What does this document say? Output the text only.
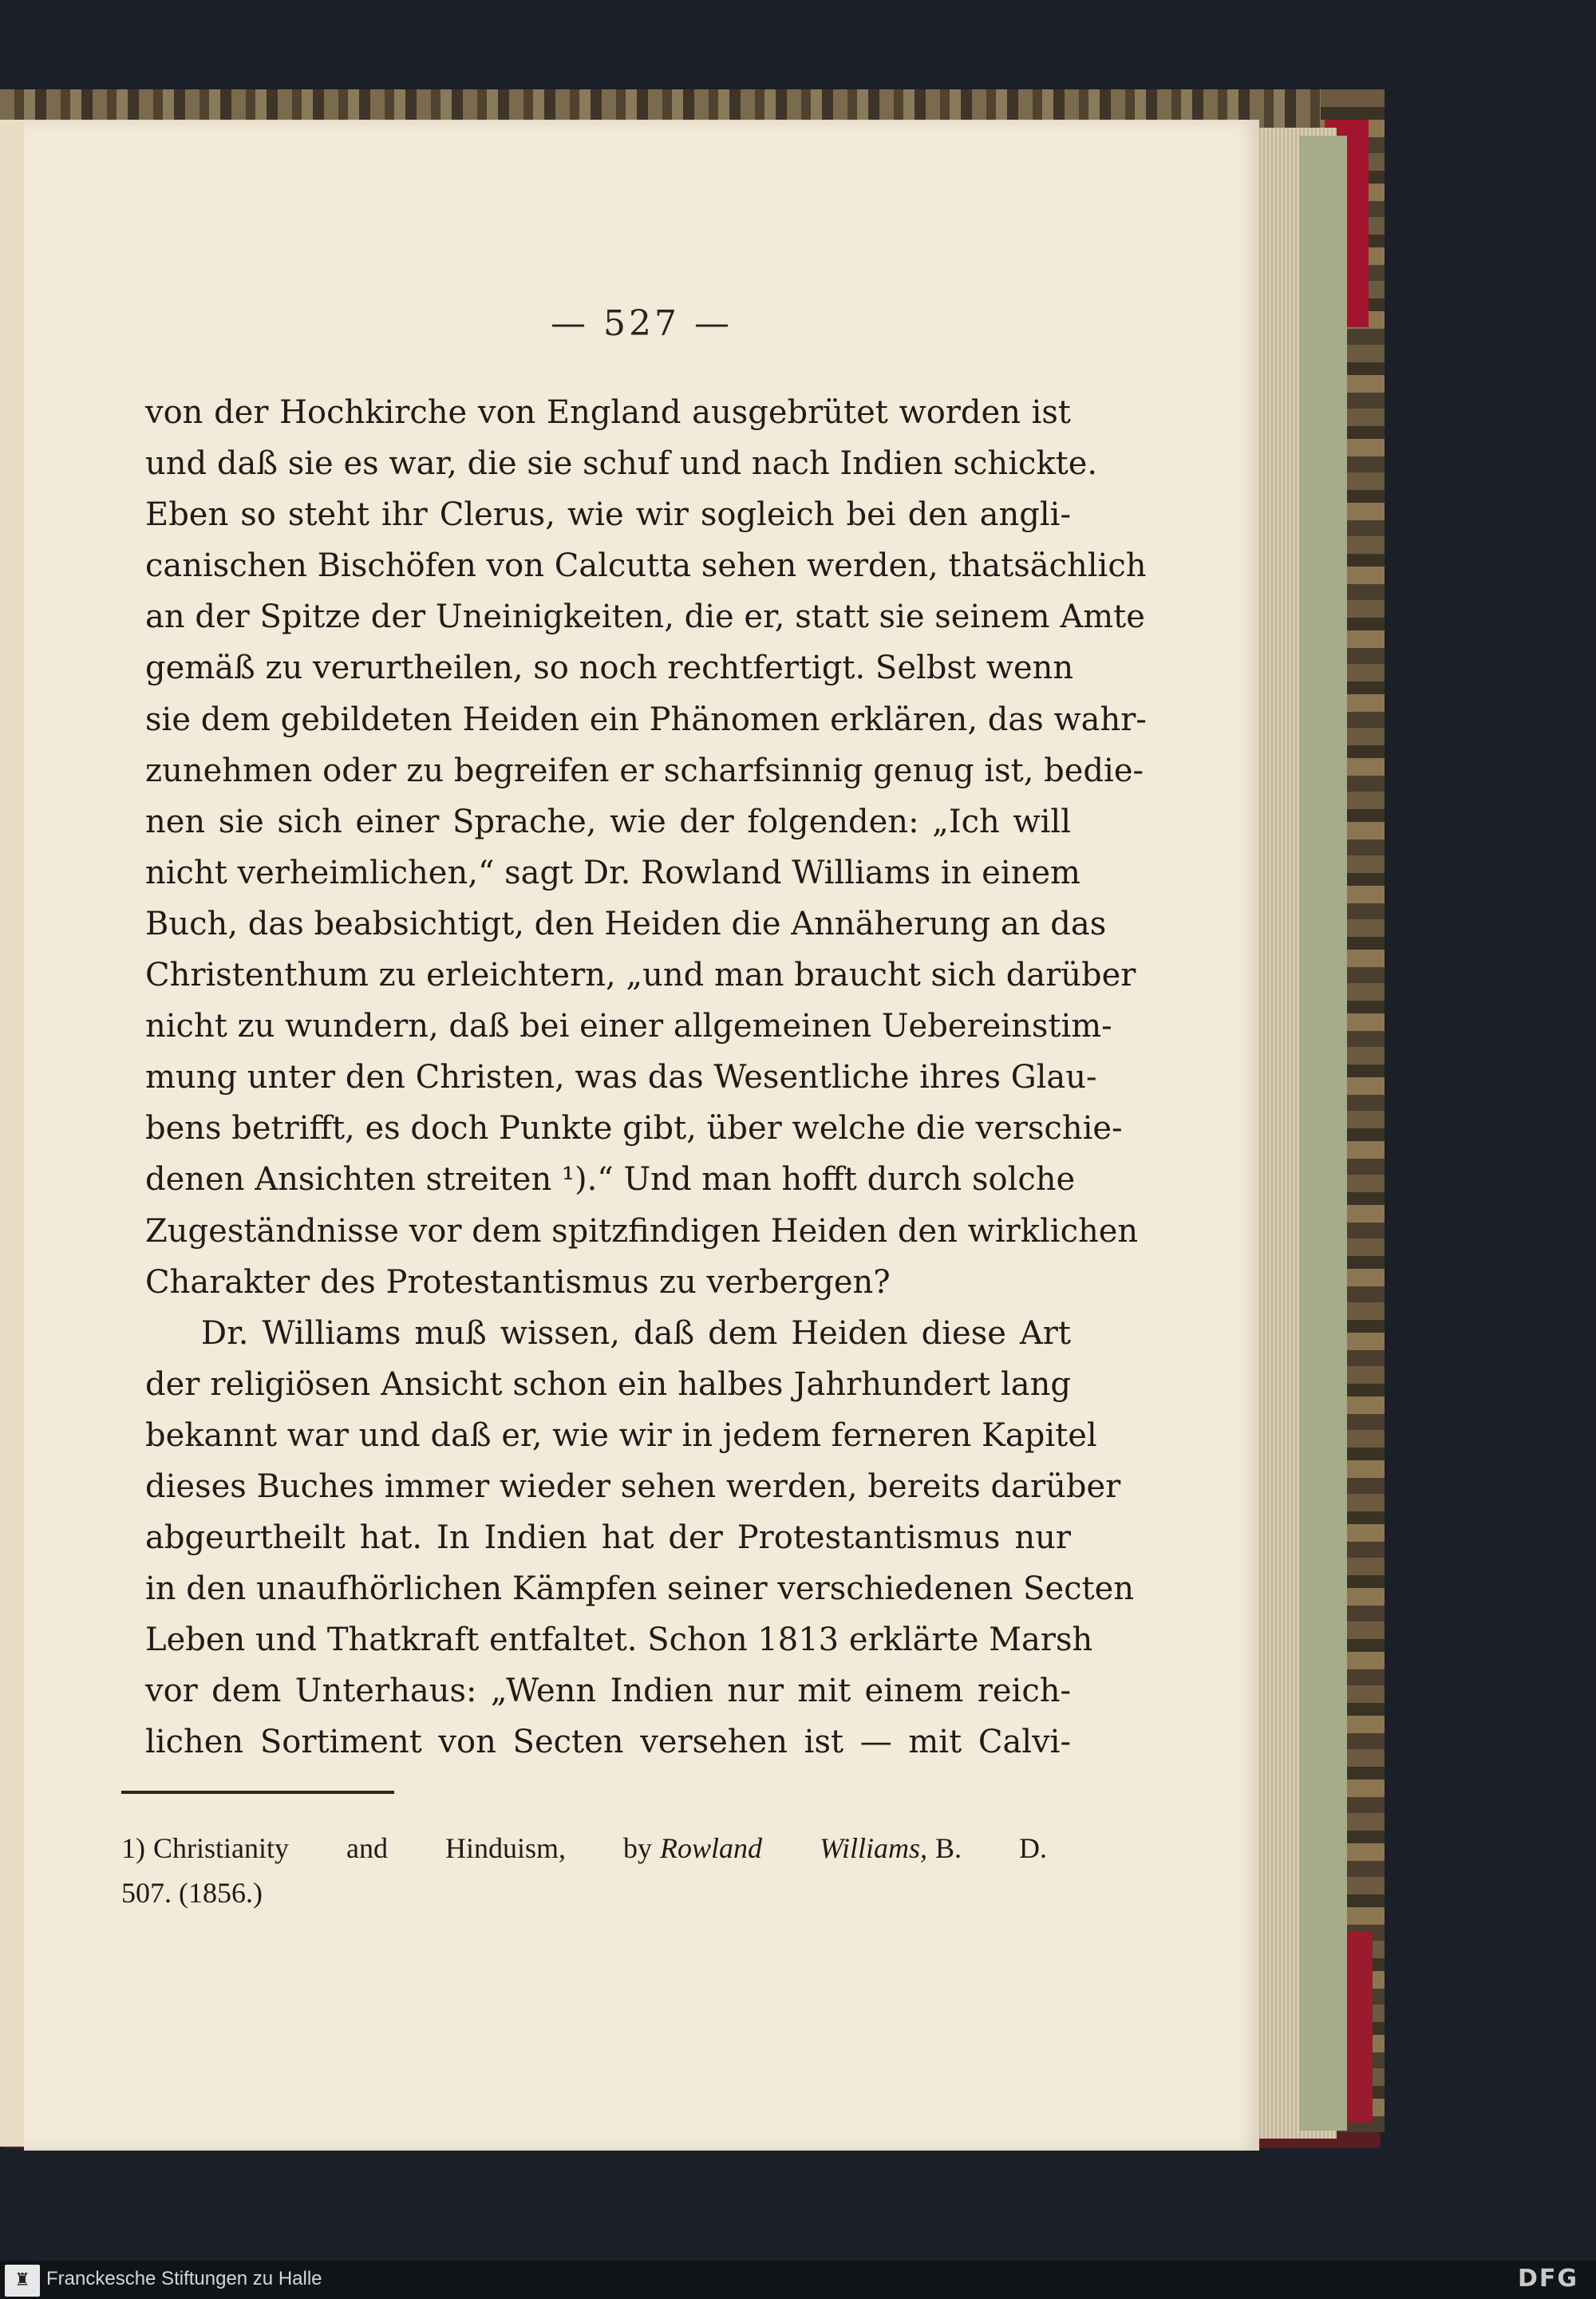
— 527 —
von der Hochkirche von England ausgebrütet worden ist
und daß sie es war, die sie schuf und nach Indien schickte.
Eben so steht ihr Clerus, wie wir sogleich bei den angli-
canischen Bischöfen von Calcutta sehen werden, thatsächlich
an der Spitze der Uneinigkeiten, die er, statt sie seinem Amte
gemäß zu verurtheilen, so noch rechtfertigt. Selbst wenn
sie dem gebildeten Heiden ein Phänomen erklären, das wahr-
zunehmen oder zu begreifen er scharfsinnig genug ist, bedie-
nen sie sich einer Sprache, wie der folgenden: „Ich will
nicht verheimlichen,“ sagt Dr. Rowland Williams in einem
Buch, das beabsichtigt, den Heiden die Annäherung an das
Christenthum zu erleichtern, „und man braucht sich darüber
nicht zu wundern, daß bei einer allgemeinen Uebereinstim-
mung unter den Christen, was das Wesentliche ihres Glau-
bens betrifft, es doch Punkte gibt, über welche die verschie-
denen Ansichten streiten ¹).“ Und man hofft durch solche
Zugeständnisse vor dem spitzfindigen Heiden den wirklichen
Charakter des Protestantismus zu verbergen?
Dr. Williams muß wissen, daß dem Heiden diese Art
der religiösen Ansicht schon ein halbes Jahrhundert lang
bekannt war und daß er, wie wir in jedem ferneren Kapitel
dieses Buches immer wieder sehen werden, bereits darüber
abgeurtheilt hat. In Indien hat der Protestantismus nur
in den unaufhörlichen Kämpfen seiner verschiedenen Secten
Leben und Thatkraft entfaltet. Schon 1813 erklärte Marsh
vor dem Unterhaus: „Wenn Indien nur mit einem reich-
lichen Sortiment von Secten versehen ist — mit Calvi-
1) Christianity and Hinduism, by Rowland Williams, B. D.
507. (1856.)
♜ Franckesche Stiftungen zu Halle	DFG
